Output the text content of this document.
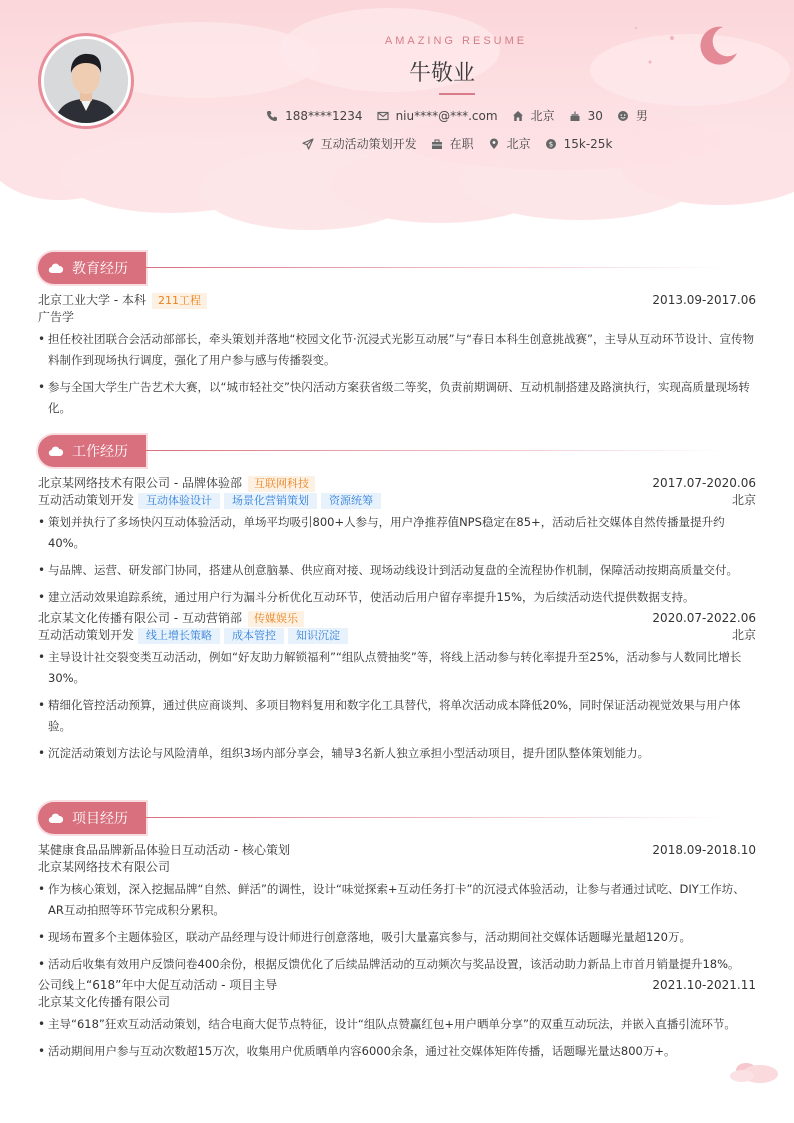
AMAZING RESUME
牛敬业
188****1234	niu****@***.com	北京	30	男
互动活动策划开发	在职	北京	$ 15k-25k
教育经历
北京工业大学 - 本科	211工程	2013.09-2017.06
广告学
• 担任校社团联合会活动部部长，牵头策划并落地“校园文化节·沉浸式光影互动展”与“春日本科生创意挑战赛”，主导从互动环节设计、宣传物料制作到现场执行调度，强化了用户参与感与传播裂变。
• 参与全国大学生广告艺术大赛，以“城市轻社交”快闪活动方案获省级二等奖，负责前期调研、互动机制搭建及路演执行，实现高质量现场转化。
工作经历
北京某网络技术有限公司 - 品牌体验部	互联网科技	2017.07-2020.06
互动活动策划开发	互动体验设计	场景化营销策划	资源统筹	北京
• 策划并执行了多场快闪互动体验活动，单场平均吸引800+人参与，用户净推荐值NPS稳定在85+，活动后社交媒体自然传播量提升约40%。
• 与品牌、运营、研发部门协同，搭建从创意脑暴、供应商对接、现场动线设计到活动复盘的全流程协作机制，保障活动按期高质量交付。
• 建立活动效果追踪系统，通过用户行为漏斗分析优化互动环节，使活动后用户留存率提升15%，为后续活动迭代提供数据支持。
北京某文化传播有限公司 - 互动营销部	传媒娱乐	2020.07-2022.06
互动活动策划开发	线上增长策略	成本管控	知识沉淀	北京
• 主导设计社交裂变类互动活动，例如“好友助力解锁福利”“组队点赞抽奖”等，将线上活动参与转化率提升至25%，活动参与人数同比增长30%。
• 精细化管控活动预算，通过供应商谈判、多项目物料复用和数字化工具替代，将单次活动成本降低20%，同时保证活动视觉效果与用户体验。
• 沉淀活动策划方法论与风险清单，组织3场内部分享会，辅导3名新人独立承担小型活动项目，提升团队整体策划能力。
项目经历
某健康食品品牌新品体验日互动活动 - 核心策划	2018.09-2018.10
北京某网络技术有限公司
• 作为核心策划，深入挖掘品牌“自然、鲜活”的调性，设计“味觉探索+互动任务打卡”的沉浸式体验活动，让参与者通过试吃、DIY工作坊、AR互动拍照等环节完成积分累积。
• 现场布置多个主题体验区，联动产品经理与设计师进行创意落地，吸引大量嘉宾参与，活动期间社交媒体话题曝光量超120万。
• 活动后收集有效用户反馈问卷400余份，根据反馈优化了后续品牌活动的互动频次与奖品设置，该活动助力新品上市首月销量提升18%。
公司线上“618”年中大促互动活动 - 项目主导	2021.10-2021.11
北京某文化传播有限公司
• 主导“618”狂欢互动活动策划，结合电商大促节点特征，设计“组队点赞赢红包+用户晒单分享”的双重互动玩法，并嵌入直播引流环节。
• 活动期间用户参与互动次数超15万次，收集用户优质晒单内容6000余条，通过社交媒体矩阵传播，话题曝光量达800万+。
